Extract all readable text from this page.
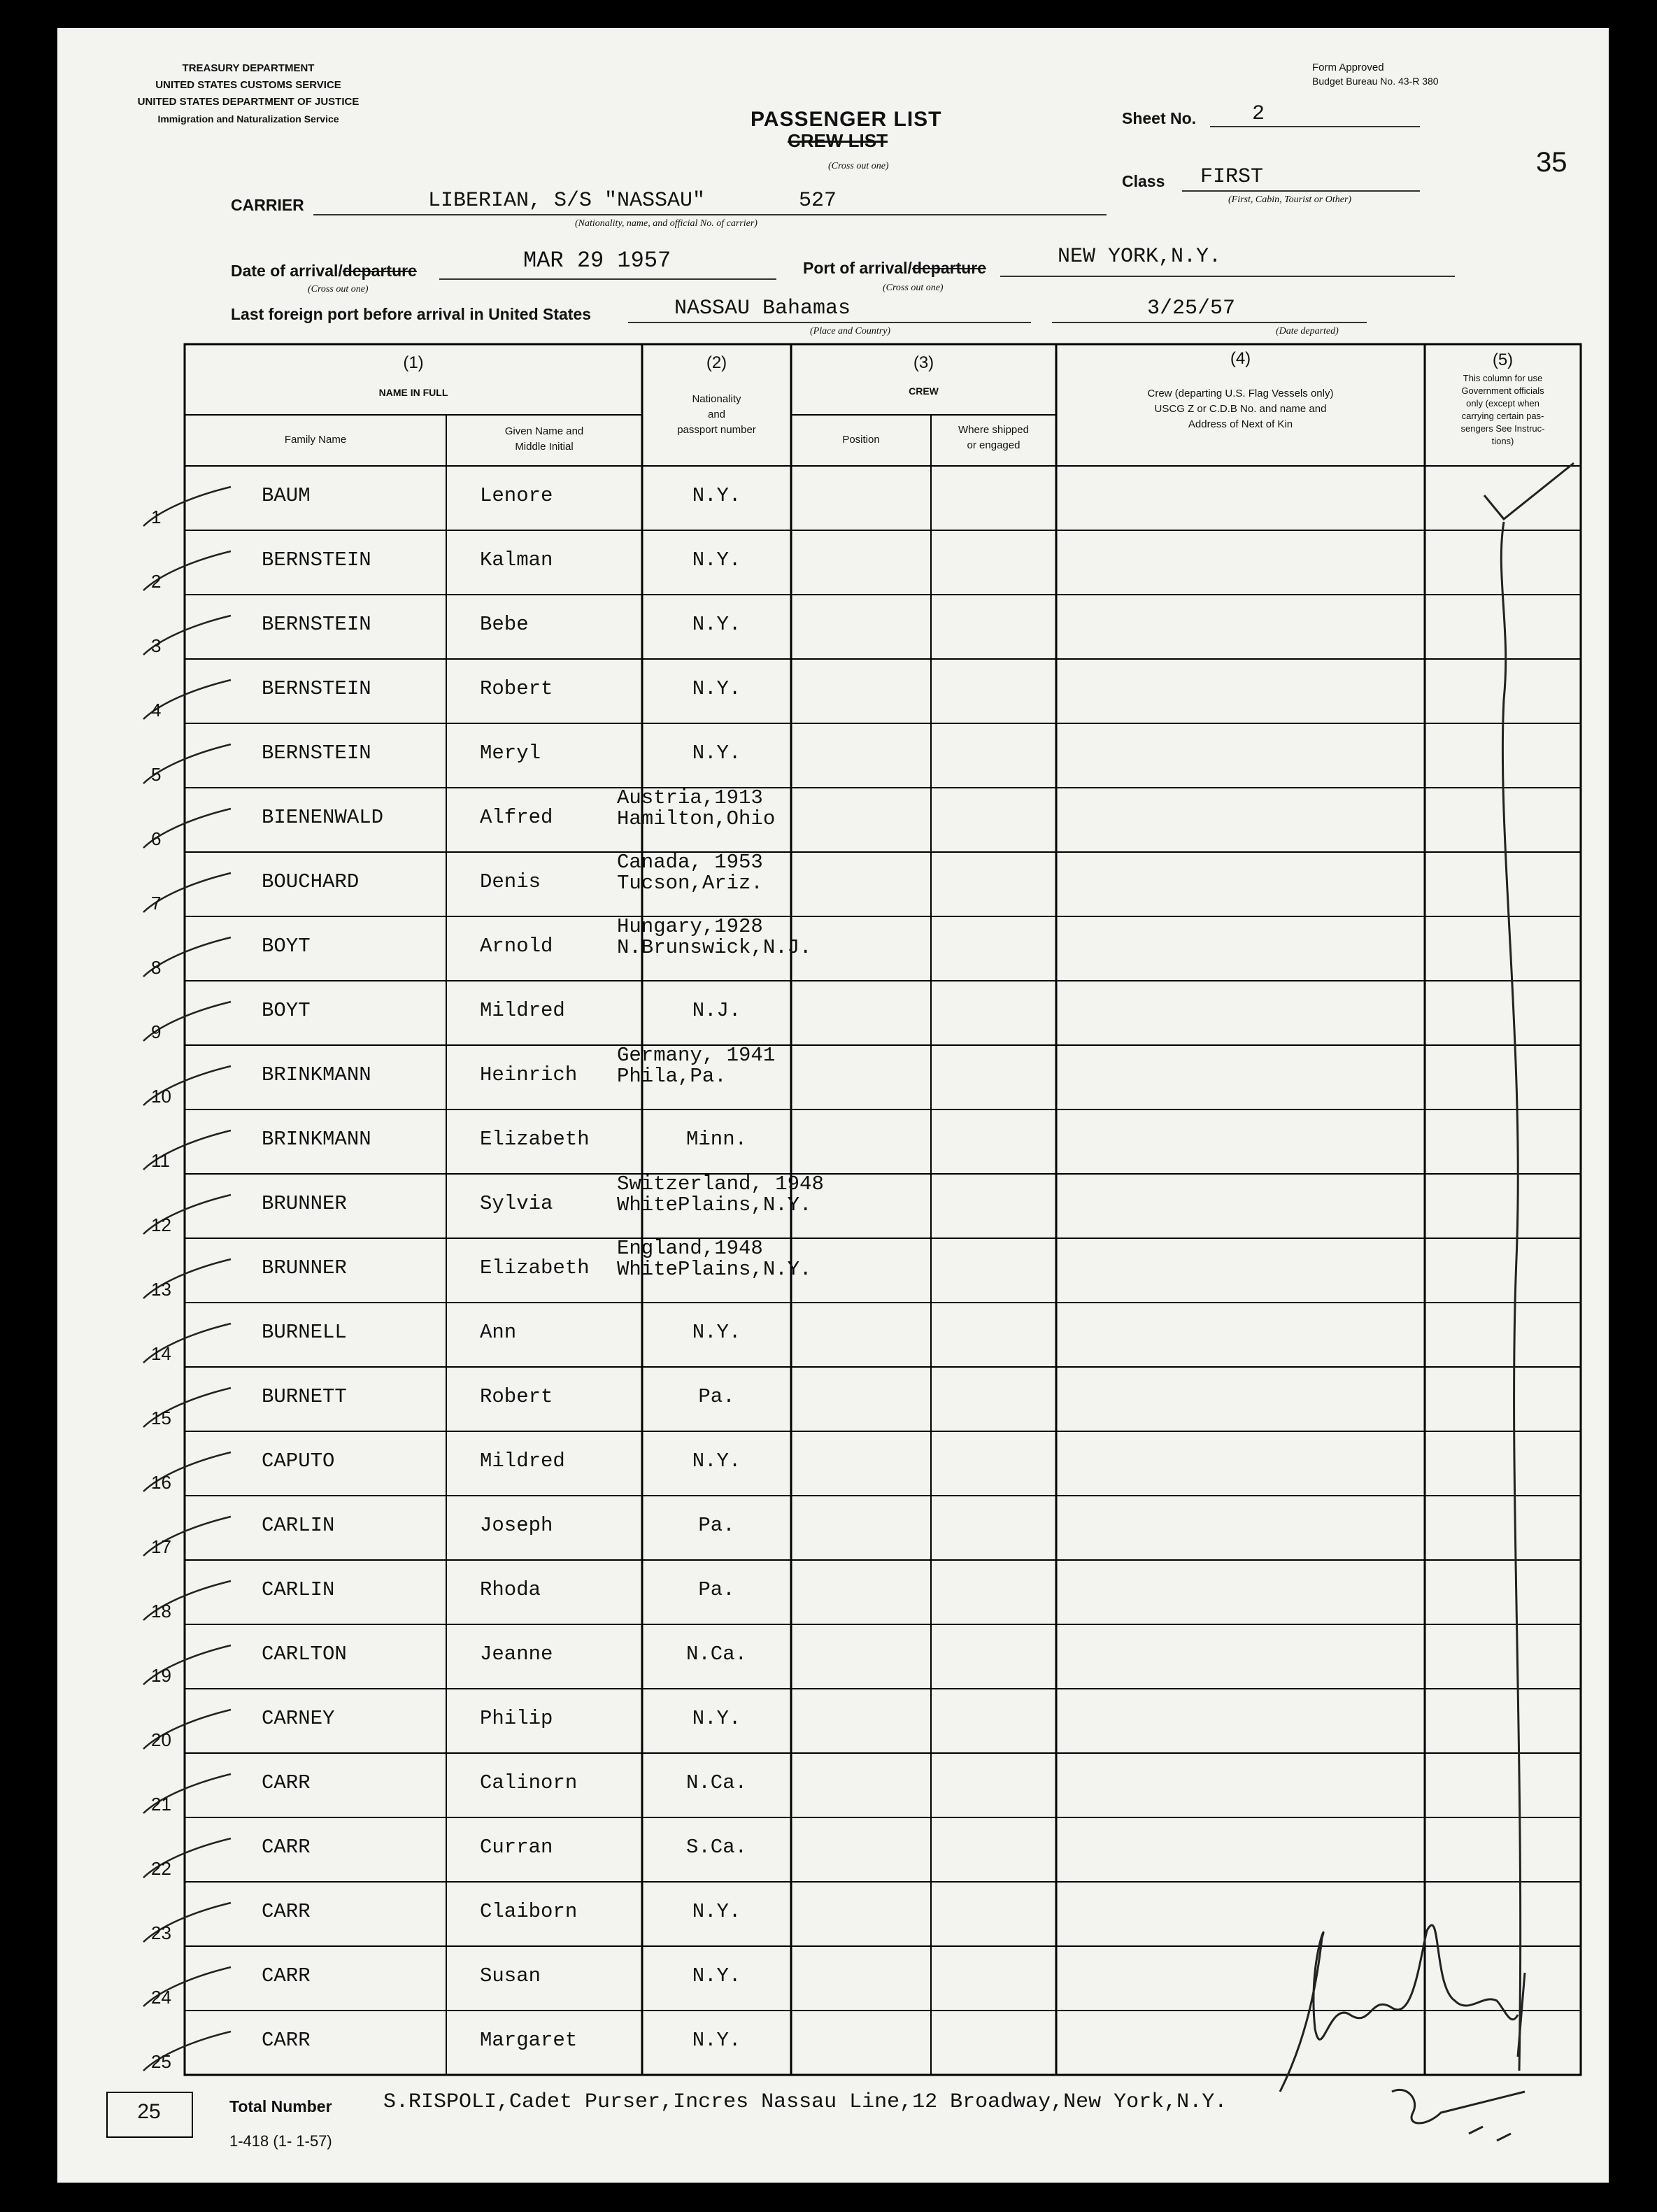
TREASURY DEPARTMENT
UNITED STATES CUSTOMS SERVICE
UNITED STATES DEPARTMENT OF JUSTICE
Immigration and Naturalization Service
Form Approved
Budget Bureau No. 43-R 380
PASSENGER LIST
CREW LIST
(Cross out one)
Sheet No.	2
35
Class FIRST
(First, Cabin, Tourist or Other)
CARRIER	LIBERIAN, S/S "NASSAU"	527
(Nationality, name, and official No. of carrier)
Date of arrival/departure	MAR 29 1957
(Cross out one)
Port of arrival/departure	NEW YORK,N.Y.
(Cross out one)
Last foreign port before arrival in United States	NASSAU Bahamas
(Place and Country)
3/25/57
(Date departed)
(1)
NAME IN FULL
Family Name
Given Name and
Middle Initial
(2)
Nationality
and
passport number
(3)
CREW
Position
Where shipped
or engaged
(4)
Crew (departing U.S. Flag Vessels only)
USCG Z or C.D.B No. and name and
Address of Next of Kin
(5)
This column for use
Government officials
only (except when
carrying certain pas-
sengers See Instruc-
tions)
1
BAUM	Lenore	N.Y.
2
BERNSTEIN	Kalman	N.Y.
3
BERNSTEIN	Bebe	N.Y.
4
BERNSTEIN	Robert	N.Y.
5
BERNSTEIN	Meryl	N.Y.
6
BIENENWALD	Alfred
Austria,1913
Hamilton,Ohio
7
BOUCHARD	Denis
Canada, 1953
Tucson,Ariz.
8
BOYT	Arnold
Hungary,1928
N.Brunswick,N.J.
9
BOYT	Mildred	N.J.
10
BRINKMANN	Heinrich
Germany, 1941
Phila,Pa.
11
BRINKMANN	Elizabeth	Minn.
12
BRUNNER	Sylvia
Switzerland, 1948
WhitePlains,N.Y.
13
BRUNNER	Elizabeth
England,1948
WhitePlains,N.Y.
14
BURNELL	Ann	N.Y.
15
BURNETT	Robert	Pa.
16
CAPUTO	Mildred	N.Y.
17
CARLIN	Joseph	Pa.
18
CARLIN	Rhoda	Pa.
19
CARLTON	Jeanne	N.Ca.
20
CARNEY	Philip	N.Y.
21
CARR	Calinorn	N.Ca.
22
CARR	Curran	S.Ca.
23
CARR	Claiborn	N.Y.
24
CARR	Susan	N.Y.
25
CARR	Margaret	N.Y.
25	Total Number S.RISPOLI,Cadet Purser,Incres Nassau Line,12 Broadway,New York,N.Y.
1-418 (1- 1-57)
